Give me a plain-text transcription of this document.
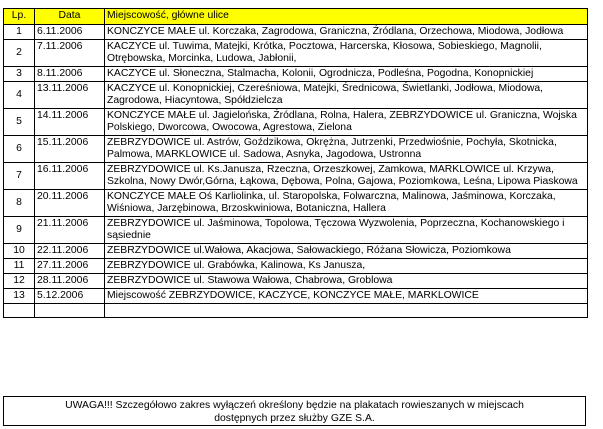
Lp.	Data	Miejscowość, główne ulice
1	6.11.2006	KONCZYCE MAŁE ul. Korczaka, Zagrodowa, Graniczna, Źródlana, Orzechowa, Miodowa, Jodłowa
2	7.11.2006	KACZYCE ul. Tuwima, Matejki, Krótka, Pocztowa, Harcerska, Kłosowa, Sobieskiego, Magnolii, Otrębowska, Morcinka, Ludowa, Jabłonii,
3	8.11.2006	KACZYCE ul. Słoneczna, Stalmacha, Kolonii, Ogrodnicza, Podleśna, Pogodna, Konopnickiej
4	13.11.2006	KACZYCE ul. Konopnickiej, Czereśniowa, Matejki, Średnicowa, Świetlanki, Jodłowa, Miodowa, Zagrodowa, Hiacyntowa, Spółdzielcza
5	14.11.2006	KONCZYCE MAŁE ul. Jagielońska, Źródlana, Rolna, Halera, ZEBRZYDOWICE ul. Graniczna, Wojska Polskiego, Dworcowa, Owocowa, Agrestowa, Zielona
6	15.11.2006	ZEBRZYDOWICE ul. Astrów, Goździkowa, Okrężna, Jutrzenki, Przedwiośnie, Pochyła, Skotnicka, Palmowa, MARKLOWICE ul. Sadowa, Asnyka, Jagodowa, Ustronna
7	16.11.2006	ZEBRZYDOWICE ul. Ks.Janusza, Rzeczna, Orzeszkowej, Zamkowa, MARKLOWICE ul. Krzywa, Szkolna, Nowy Dwór,Górna, Łąkowa, Dębowa, Polna, Gajowa, Poziomkowa, Leśna, Lipowa Piaskowa
8	20.11.2006	KONCZYCE MAŁE Oś Karliolinka, ul. Staropolska, Folwarczna, Malinowa, Jaśminowa, Korczaka, Wiśniowa, Jarzębinowa, Brzoskwiniowa, Botaniczna, Hallera
9	21.11.2006	ZEBRZYDOWICE ul. Jaśminowa, Topolowa, Tęczowa Wyzwolenia, Poprzeczna, Kochanowskiego i sąsiednie
10	22.11.2006	ZEBRZYDOWICE ul.Wałowa, Akacjowa, Sałowackiego, Różana Słowicza, Poziomkowa
11	27.11.2006	ZEBRZYDOWICE ul. Grabówka, Kalinowa, Ks Janusza,
12	28.11.2006	ZEBRZYDOWICE ul. Stawowa Wałowa, Chabrowa, Groblowa
13	5.12.2006	Miejscowość ZEBRZYDOWICE, KACZYCE, KONCZYCE MAŁE, MARKLOWICE

UWAGA!!! Szczegółowo zakres wyłączeń określony będzie na plakatach rowieszanych w miejscach
dostępnych przez służby GZE S.A.
